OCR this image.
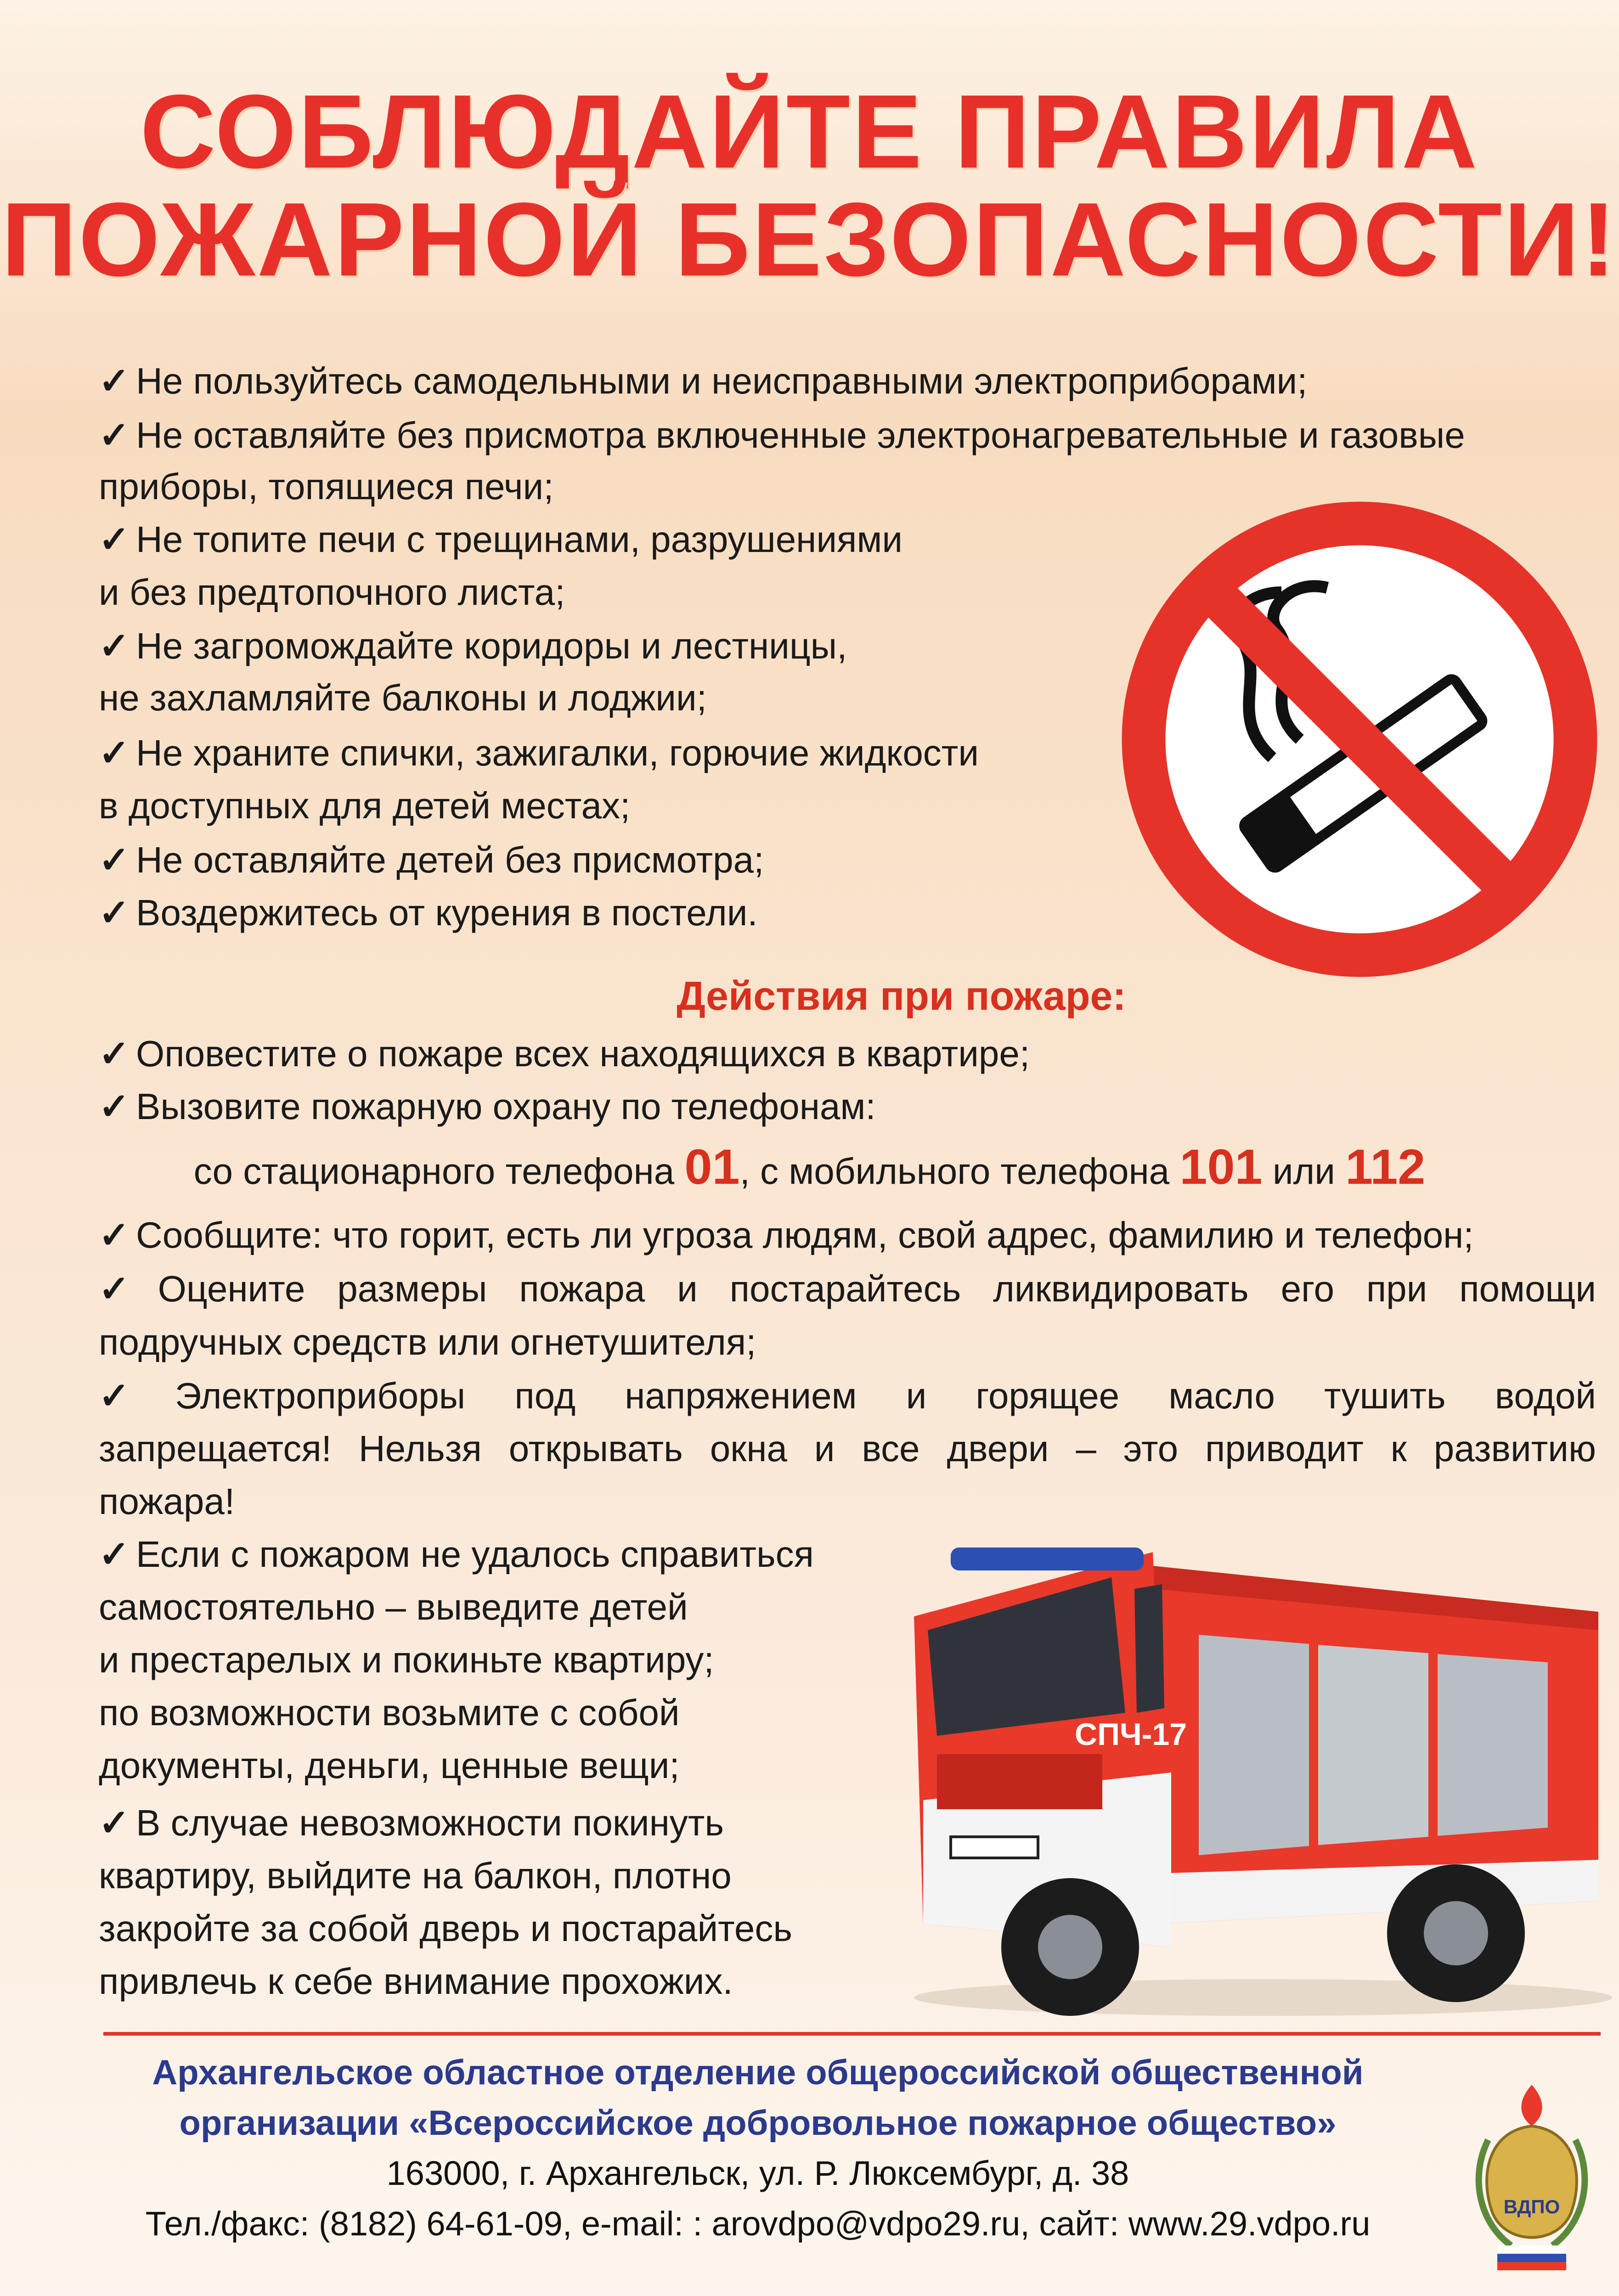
СОБЛЮДАЙТЕ ПРАВИЛА
ПОЖАРНОЙ БЕЗОПАСНОСТИ!
✓ Не пользуйтесь самодельными и неисправными электроприборами;
✓ Не оставляйте без присмотра включенные электронагревательные и газовые
приборы, топящиеся печи;
✓ Не топите печи с трещинами, разрушениями
и без предтопочного листа;
✓ Не загромождайте коридоры и лестницы,
не захламляйте балконы и лоджии;
✓ Не храните спички, зажигалки, горючие жидкости
в доступных для детей местах;
✓ Не оставляйте детей без присмотра;
✓ Воздержитесь от курения в постели.
Действия при пожаре:
✓ Оповестите о пожаре всех находящихся в квартире;
✓ Вызовите пожарную охрану по телефонам:
со стационарного телефона 01, с мобильного телефона 101 или 112
✓ Сообщите: что горит, есть ли угроза людям, свой адрес, фамилию и телефон;
✓ Оцените размеры пожара и постарайтесь ликвидировать его при помощи
подручных средств или огнетушителя;
✓ Электроприборы под напряжением и горящее масло тушить водой
запрещается! Нельзя открывать окна и все двери – это приводит к развитию
пожара!
✓ Если с пожаром не удалось справиться
самостоятельно – выведите детей
и престарелых и покиньте квартиру;
по возможности возьмите с собой
документы, деньги, ценные вещи;
✓ В случае невозможности покинуть
квартиру, выйдите на балкон, плотно
закройте за собой дверь и постарайтесь
привлечь к себе внимание прохожих.
СПЧ-17
Архангельское областное отделение общероссийской общественной
организации «Всероссийское добровольное пожарное общество»
163000, г. Архангельск, ул. Р. Люксембург, д. 38
Тел./факс: (8182) 64-61-09, e-mail: : arovdpo@vdpo29.ru, сайт: www.29.vdpo.ru	ВДПО
